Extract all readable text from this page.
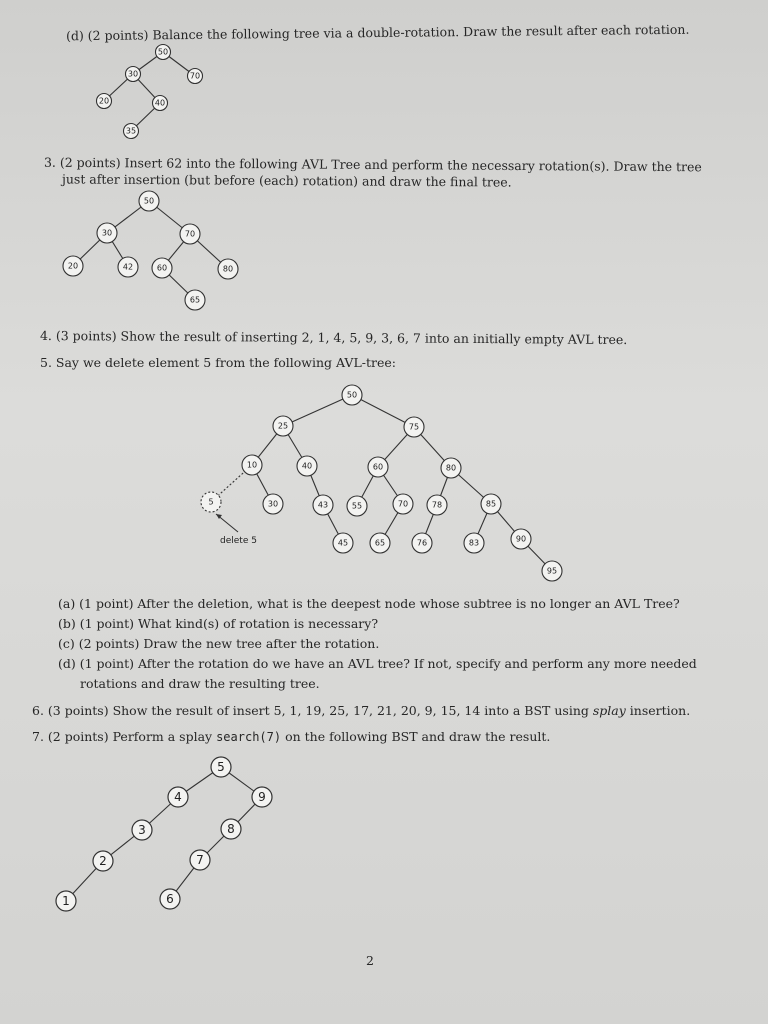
(d) (2 points) Balance the following tree via a double-rotation. Draw the result after each rotation.
3. (2 points) Insert 62 into the following AVL Tree and perform the necessary rotation(s). Draw the tree
just after insertion (but before (each) rotation) and draw the final tree.
4. (3 points) Show the result of inserting 2, 1, 4, 5, 9, 3, 6, 7 into an initially empty AVL tree.
5. Say we delete element 5 from the following AVL-tree:
(a) (1 point) After the deletion, what is the deepest node whose subtree is no longer an AVL Tree?
(b) (1 point) What kind(s) of rotation is necessary?
(c) (2 points) Draw the new tree after the rotation.
(d) (1 point) After the rotation do we have an AVL tree? If not, specify and perform any more needed
rotations and draw the resulting tree.
6. (3 points) Show the result of insert 5, 1, 19, 25, 17, 21, 20, 9, 15, 14 into a BST using splay insertion.
7. (2 points) Perform a splay search(7) on the following BST and draw the result.
2
50
30	70
20	40
35
50
30	70
20	42	60	80
65
50
25	75
10	40	60	80
5	30	43	55	70	78	85
45	65	76	83	90
95
delete 5
5
4	9
3	8
2	7
1	6
